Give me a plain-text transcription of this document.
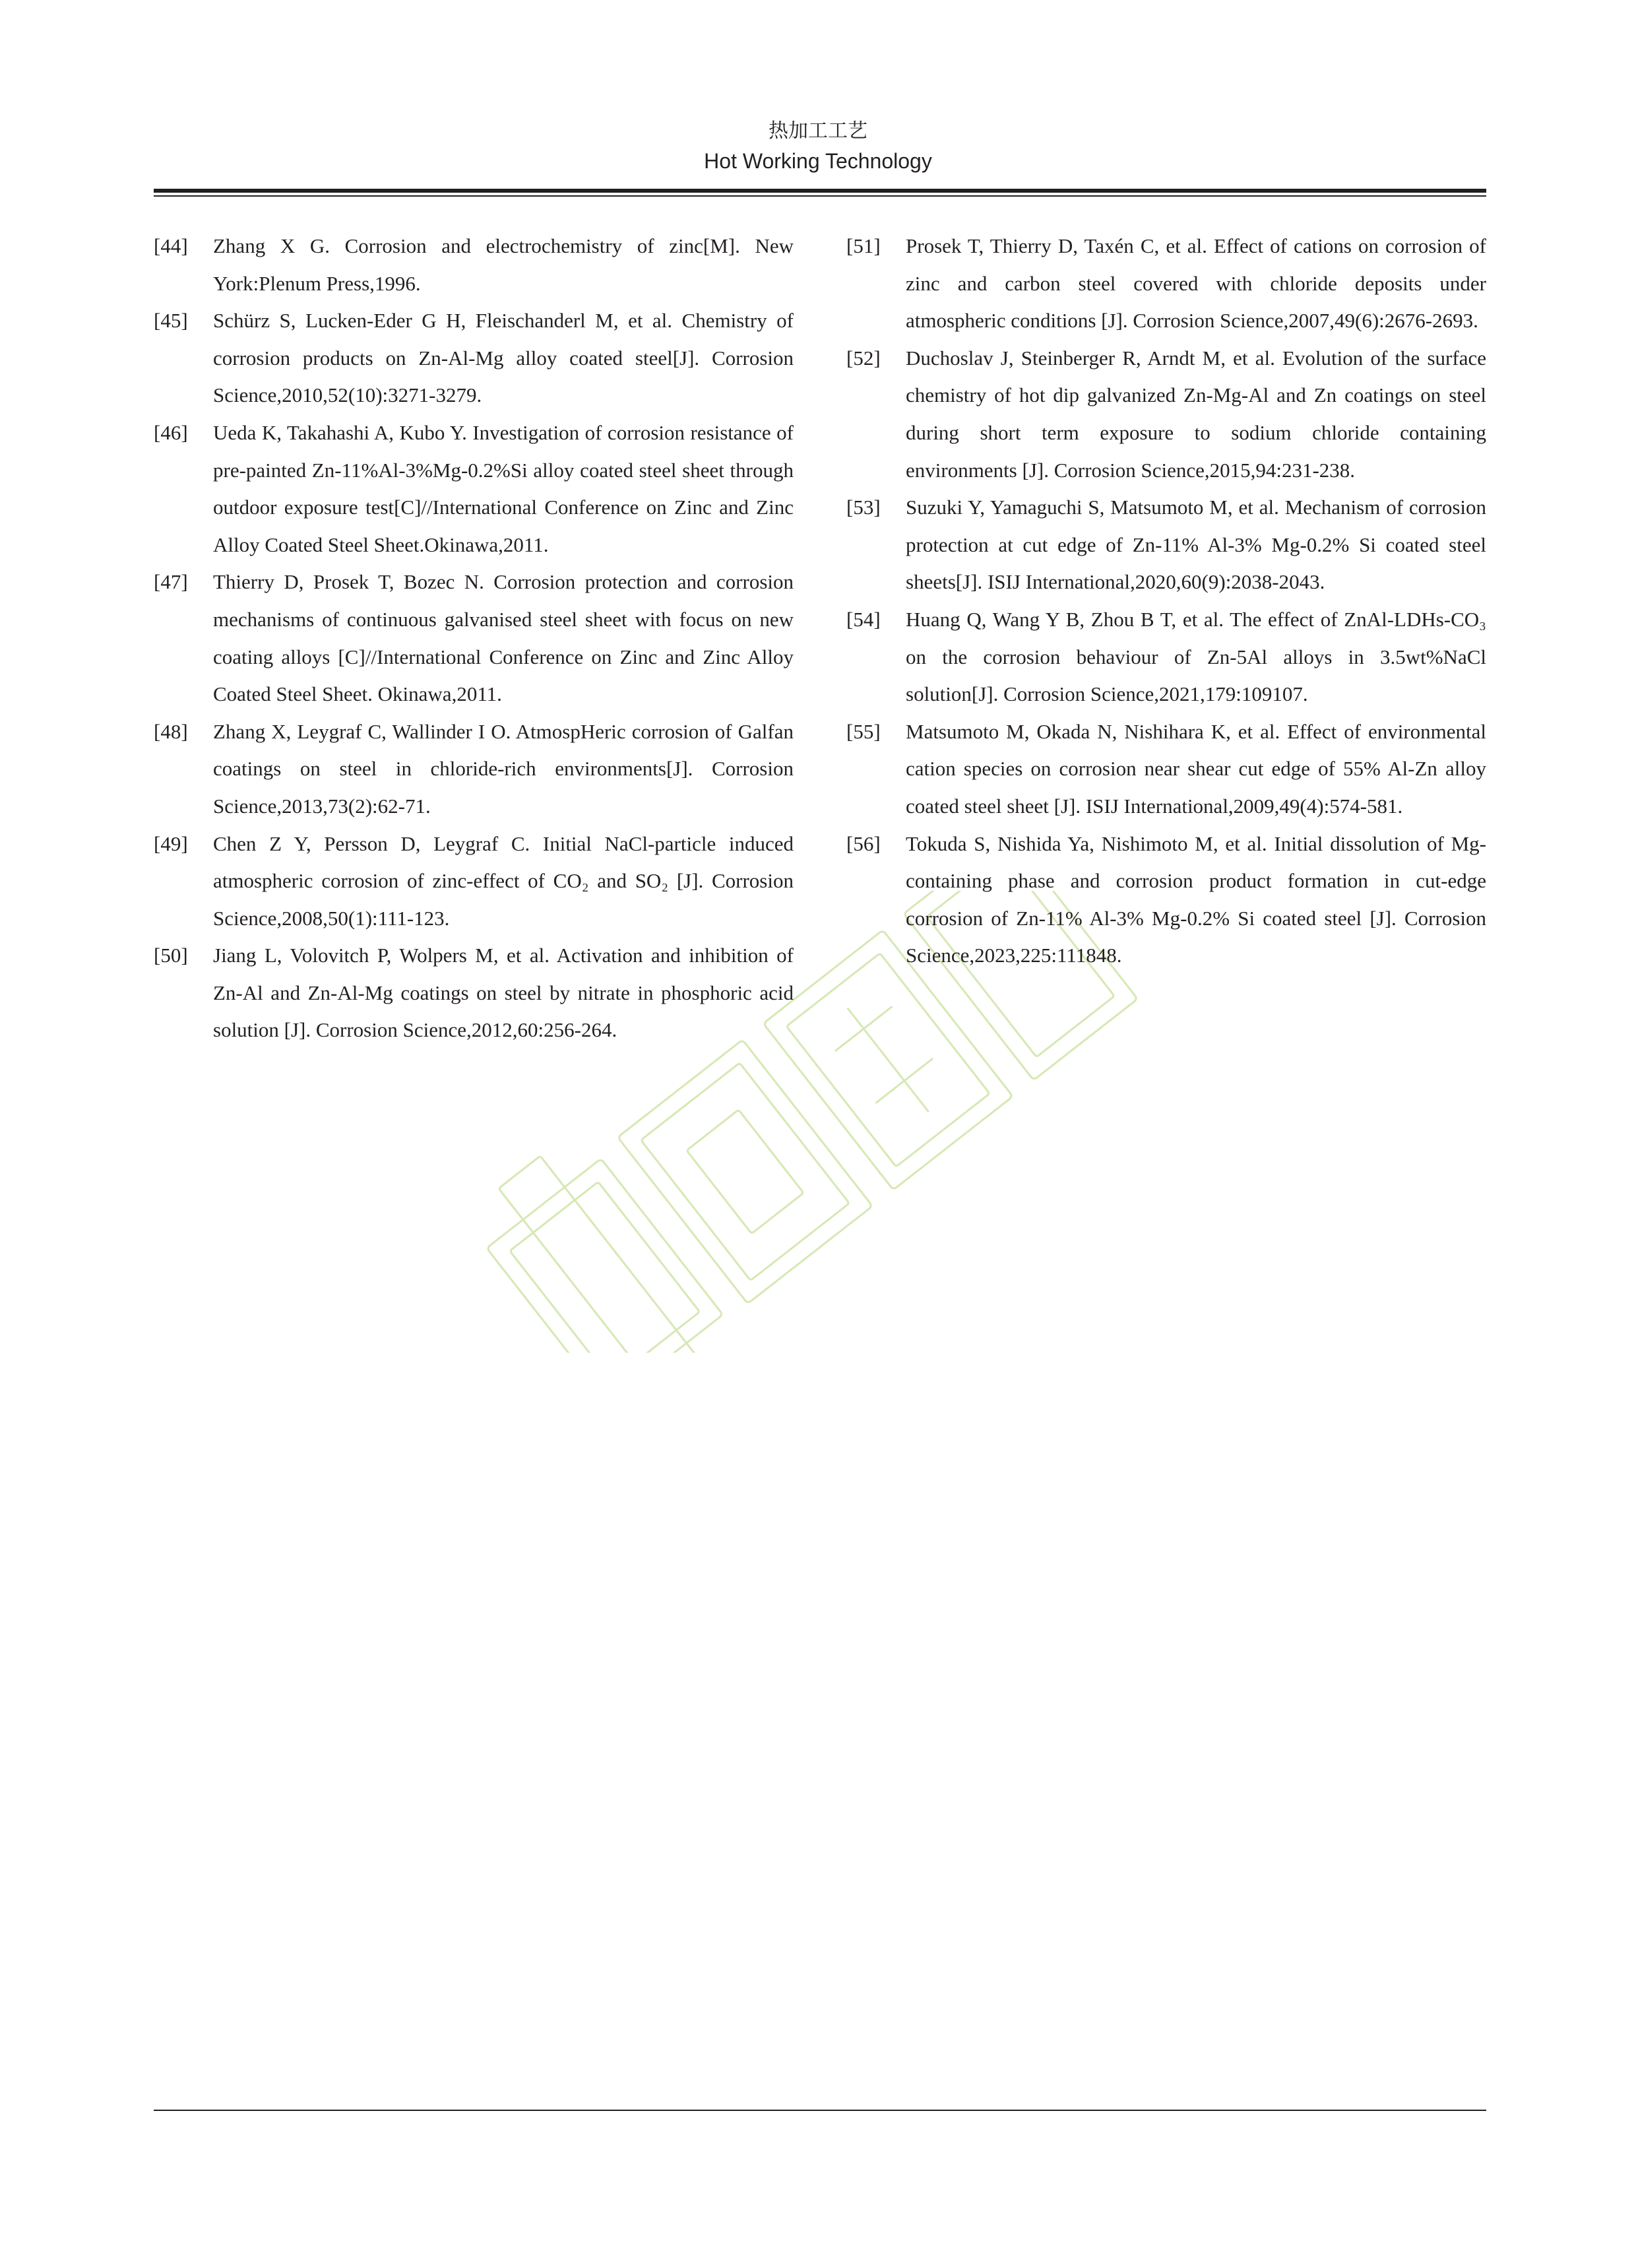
热加工工艺
Hot Working Technology
[44]	Zhang X G. Corrosion and electrochemistry of zinc[M]. New York:Plenum Press,1996.
[45]	Schürz S, Lucken-Eder G H, Fleischanderl M, et al. Chemistry of corrosion products on Zn-Al-Mg alloy coated steel[J]. Corrosion Science,2010,52(10):3271-3279.
[46]	Ueda K, Takahashi A, Kubo Y. Investigation of corrosion resistance of pre-painted Zn-11%Al-3%Mg-0.2%Si alloy coated steel sheet through outdoor exposure test[C]//International Conference on Zinc and Zinc Alloy Coated Steel Sheet.Okinawa,2011.
[47]	Thierry D, Prosek T, Bozec N. Corrosion protection and corrosion mechanisms of continuous galvanised steel sheet with focus on new coating alloys [C]//International Conference on Zinc and Zinc Alloy Coated Steel Sheet. Okinawa,2011.
[48]	Zhang X, Leygraf C, Wallinder I O. AtmospHeric corrosion of Galfan coatings on steel in chloride-rich environments[J]. Corrosion Science,2013,73(2):62-71.
[49]	Chen Z Y, Persson D, Leygraf C. Initial NaCl-particle induced atmospheric corrosion of zinc-effect of CO₂ and SO₂ [J]. Corrosion Science,2008,50(1):111-123.
[50]	Jiang L, Volovitch P, Wolpers M, et al. Activation and inhibition of Zn-Al and Zn-Al-Mg coatings on steel by nitrate in phosphoric acid solution [J]. Corrosion Science,2012,60:256-264.
[51]	Prosek T, Thierry D, Taxén C, et al. Effect of cations on corrosion of zinc and carbon steel covered with chloride deposits under atmospheric conditions [J]. Corrosion Science,2007,49(6):2676-2693.
[52]	Duchoslav J, Steinberger R, Arndt M, et al. Evolution of the surface chemistry of hot dip galvanized Zn-Mg-Al and Zn coatings on steel during short term exposure to sodium chloride containing environments [J]. Corrosion Science,2015,94:231-238.
[53]	Suzuki Y, Yamaguchi S, Matsumoto M, et al. Mechanism of corrosion protection at cut edge of Zn-11% Al-3% Mg-0.2% Si coated steel sheets[J]. ISIJ International,2020,60(9):2038-2043.
[54]	Huang Q, Wang Y B, Zhou B T, et al. The effect of ZnAl-LDHs-CO₃ on the corrosion behaviour of Zn-5Al alloys in 3.5wt%NaCl solution[J]. Corrosion Science,2021,179:109107.
[55]	Matsumoto M, Okada N, Nishihara K, et al. Effect of environmental cation species on corrosion near shear cut edge of 55% Al-Zn alloy coated steel sheet [J]. ISIJ International,2009,49(4):574-581.
[56]	Tokuda S, Nishida Ya, Nishimoto M, et al. Initial dissolution of Mg-containing phase and corrosion product formation in cut-edge corrosion of Zn-11% Al-3% Mg-0.2% Si coated steel [J]. Corrosion Science,2023,225:111848.
